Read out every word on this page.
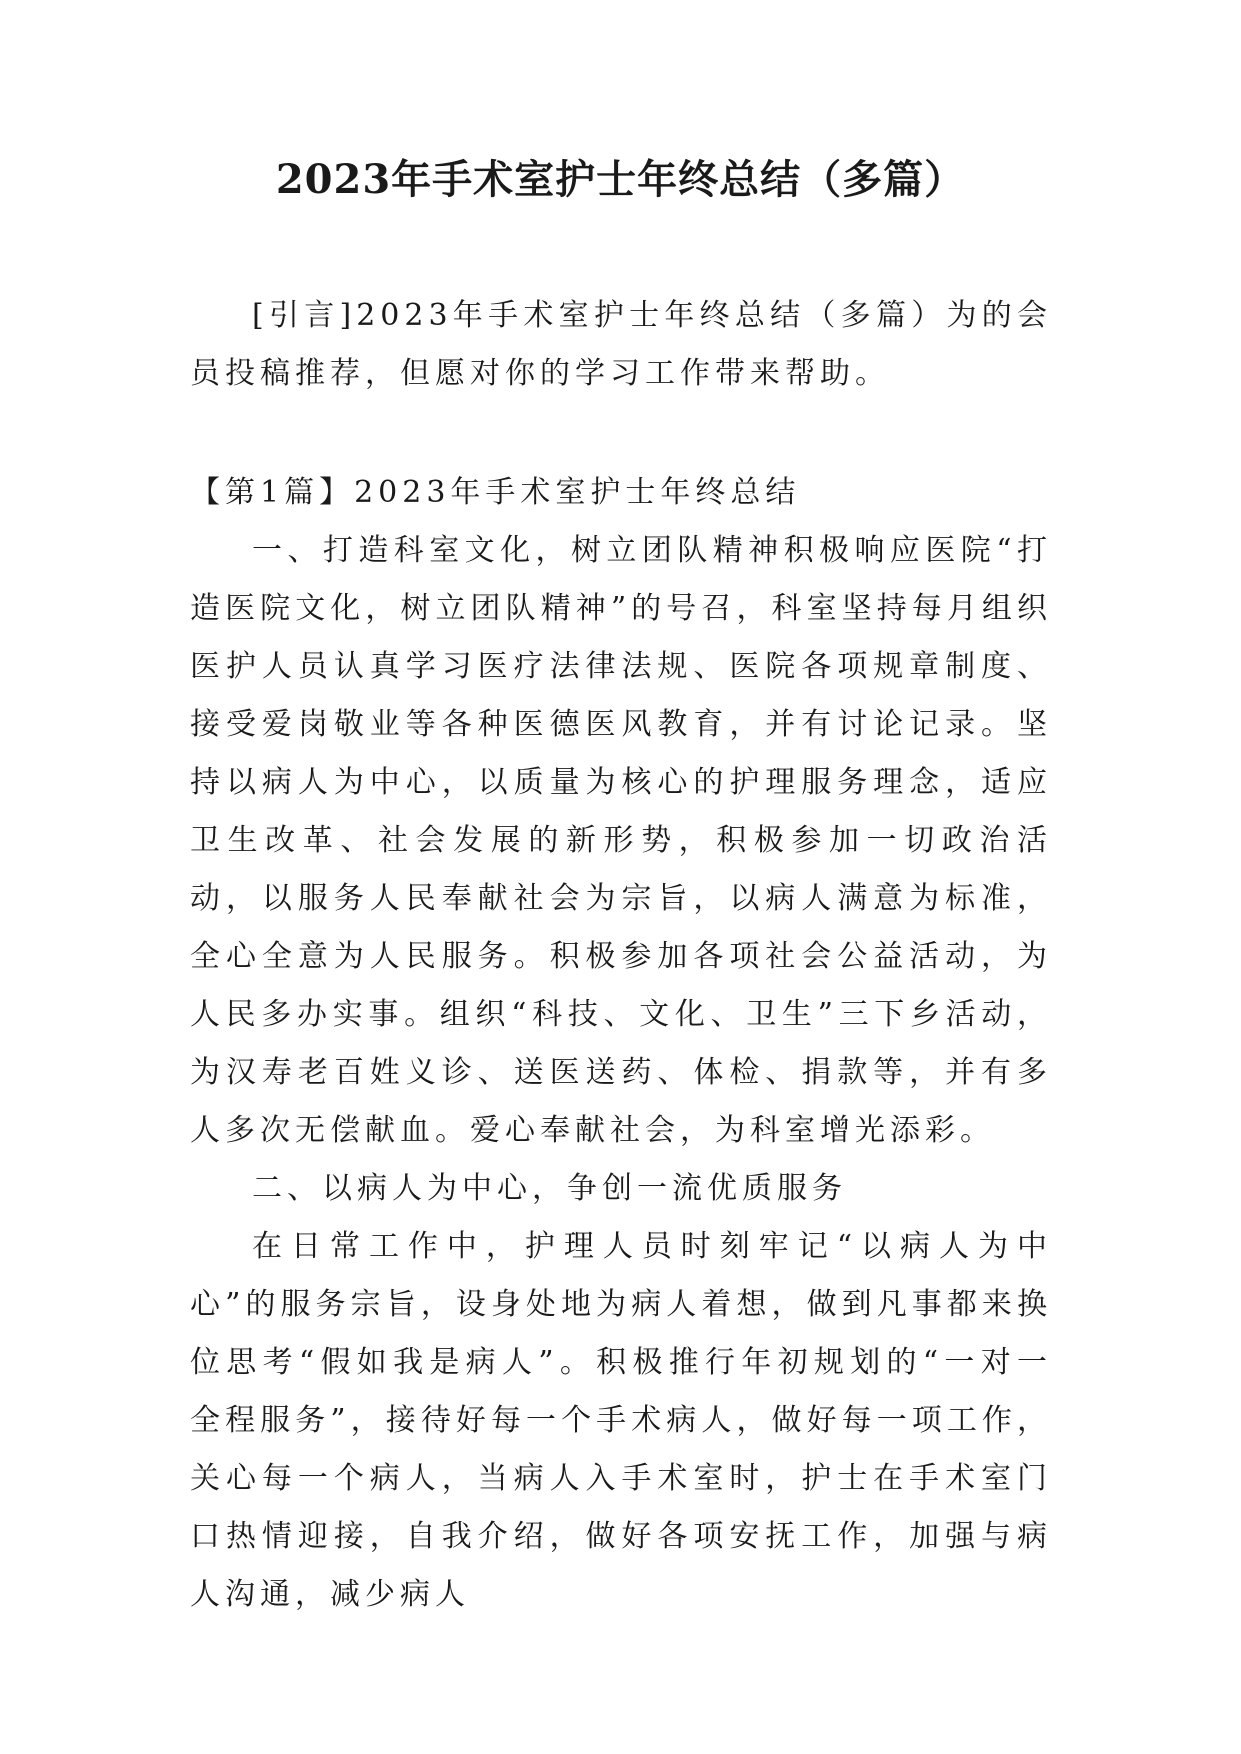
2023年手术室护士年终总结（多篇）

[引言]2023年手术室护士年终总结（多篇）为的会员投稿推荐，但愿对你的学习工作带来帮助。

【第1篇】2023年手术室护士年终总结

一、打造科室文化，树立团队精神积极响应医院“打造医院文化，树立团队精神”的号召，科室坚持每月组织医护人员认真学习医疗法律法规、医院各项规章制度、接受爱岗敬业等各种医德医风教育，并有讨论记录。坚持以病人为中心，以质量为核心的护理服务理念，适应卫生改革、社会发展的新形势，积极参加一切政治活动，以服务人民奉献社会为宗旨，以病人满意为标准，全心全意为人民服务。积极参加各项社会公益活动，为人民多办实事。组织“科技、文化、卫生”三下乡活动，为汉寿老百姓义诊、送医送药、体检、捐款等，并有多人多次无偿献血。爱心奉献社会，为科室增光添彩。

二、以病人为中心，争创一流优质服务

在日常工作中，护理人员时刻牢记“以病人为中心”的服务宗旨，设身处地为病人着想，做到凡事都来换位思考“假如我是病人”。积极推行年初规划的“一对一全程服务”，接待好每一个手术病人，做好每一项工作，关心每一个病人，当病人入手术室时，护士在手术室门口热情迎接，自我介绍，做好各项安抚工作，加强与病人沟通，减少病人
